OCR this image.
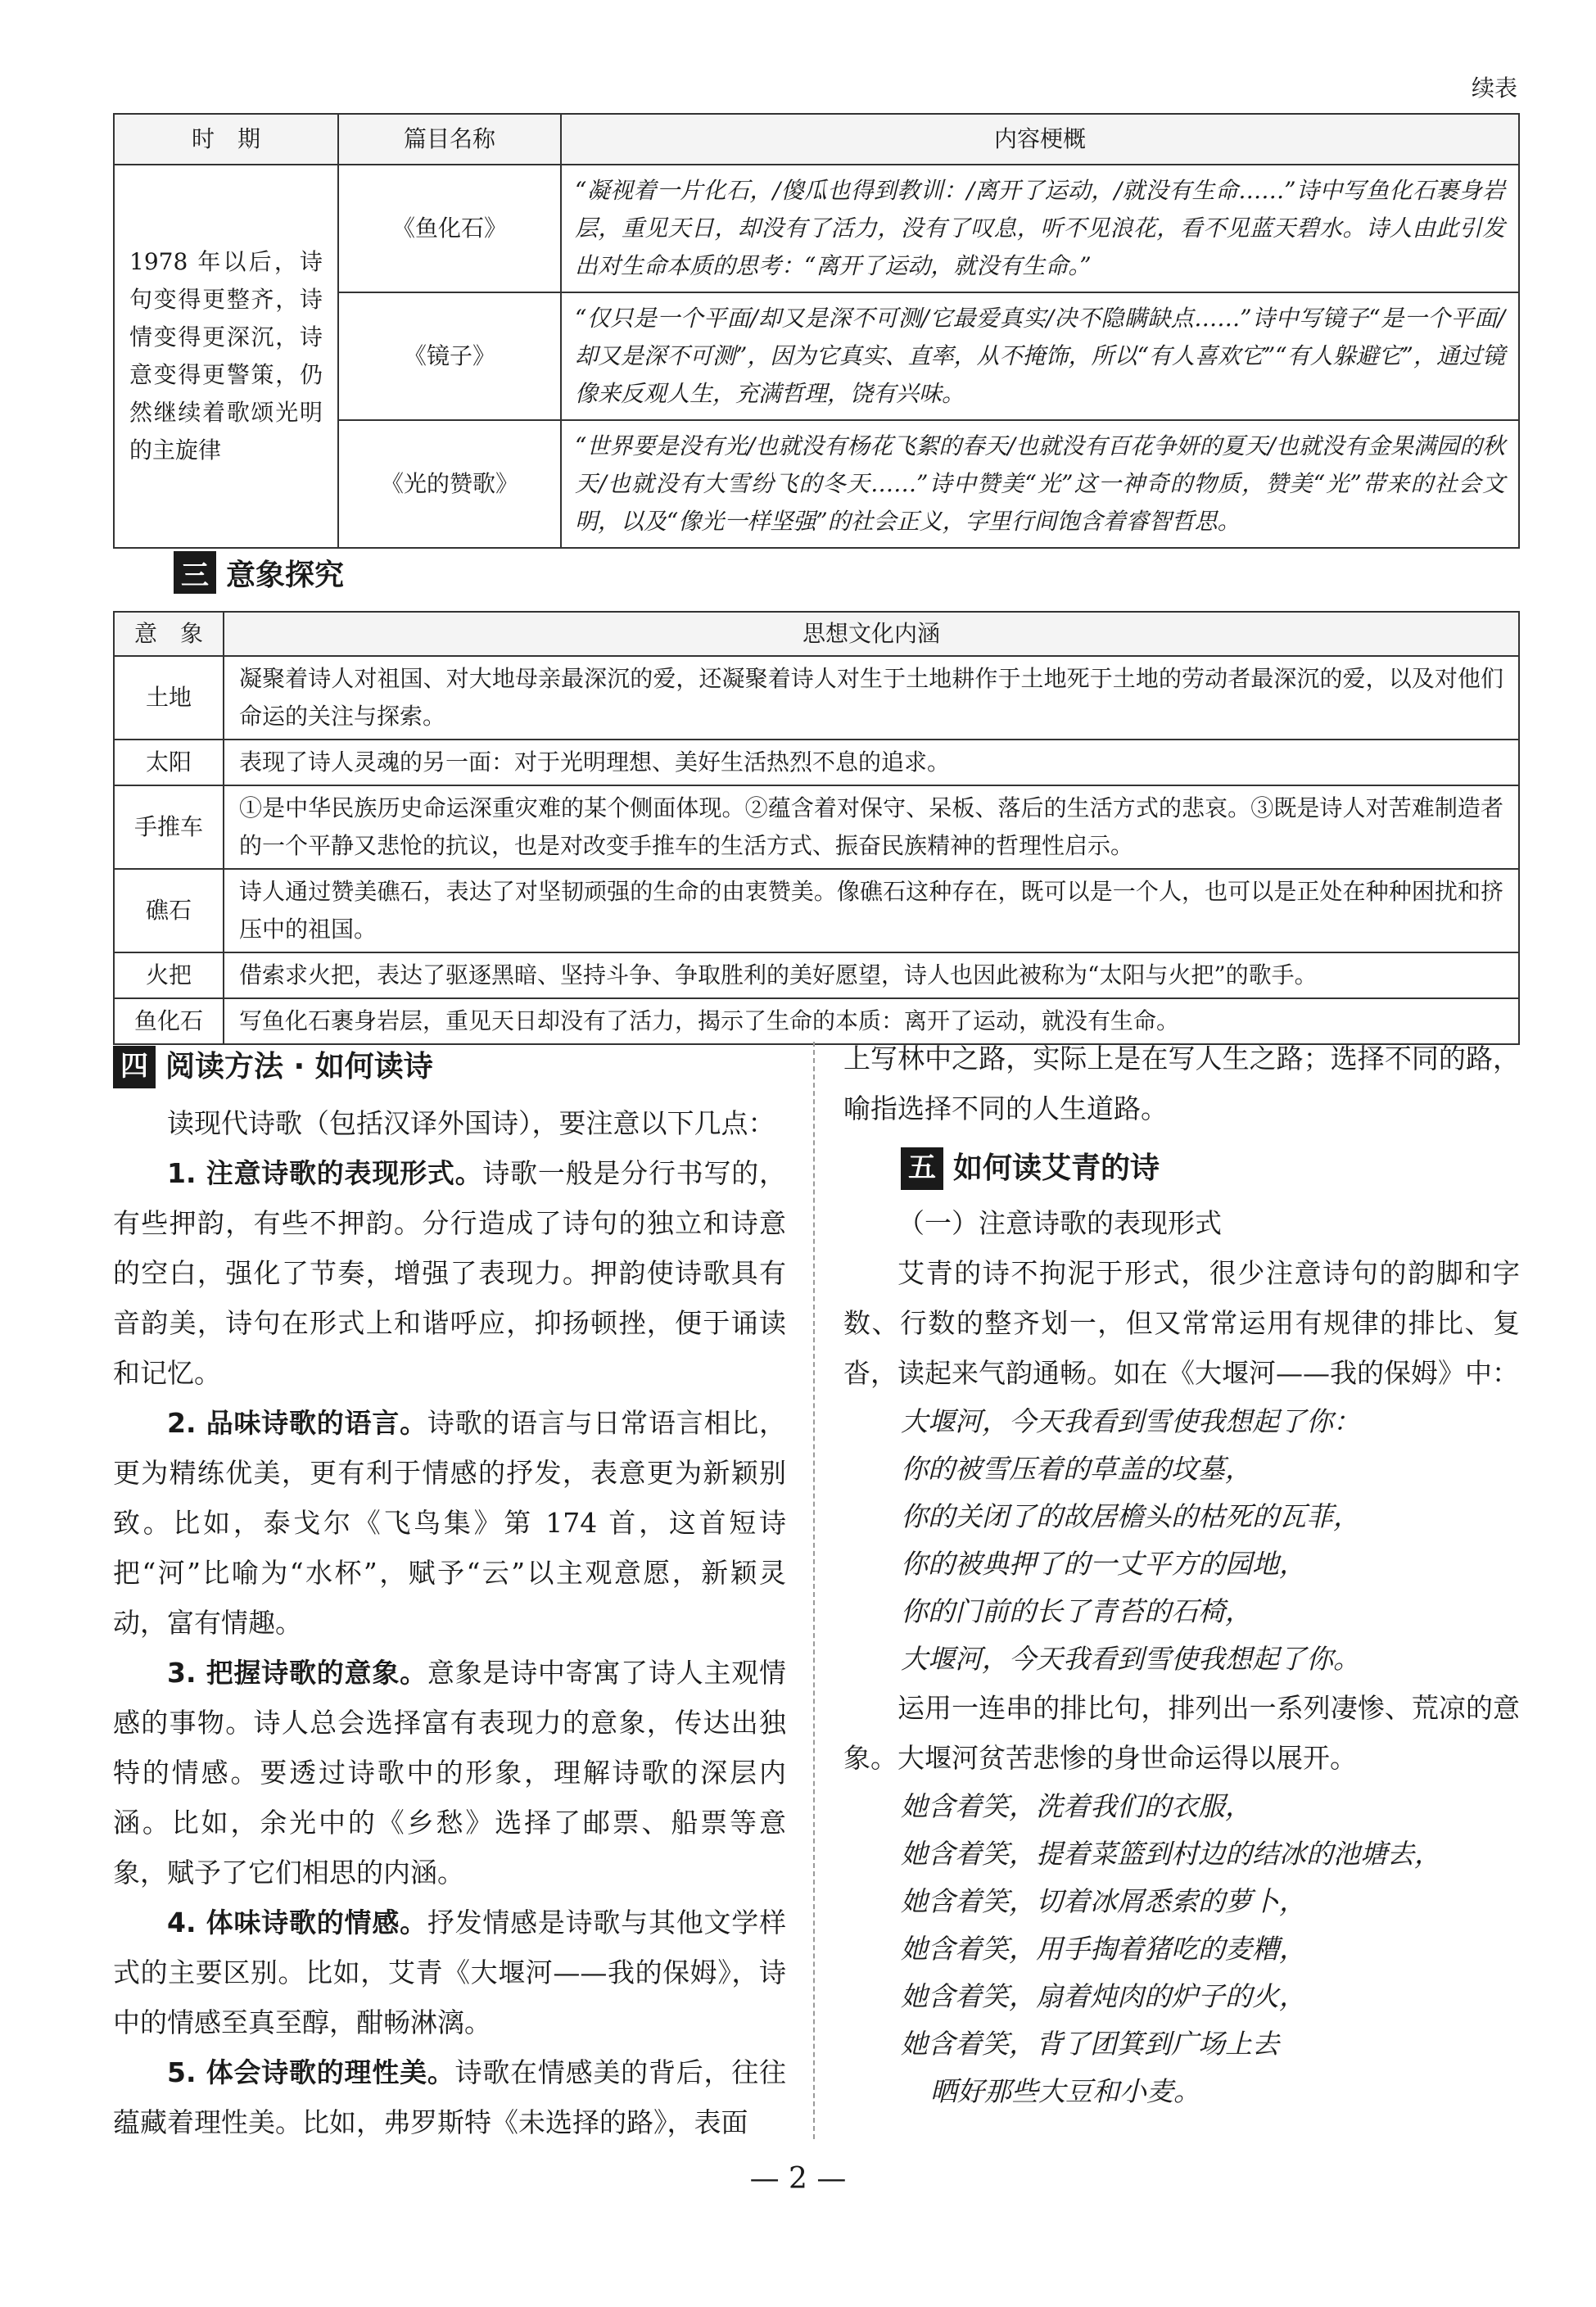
续表
时　期	篇目名称	内容梗概
1978 年以后，诗句变得更整齐，诗情变得更深沉，诗意变得更警策，仍然继续着歌颂光明的主旋律	《鱼化石》	“凝视着一片化石，/傻瓜也得到教训：/离开了运动，/就没有生命……”诗中写鱼化石裹身岩层，重见天日，却没有了活力，没有了叹息，听不见浪花，看不见蓝天碧水。诗人由此引发出对生命本质的思考：“离开了运动，就没有生命。”
	《镜子》	“仅只是一个平面/却又是深不可测/它最爱真实/决不隐瞒缺点……”诗中写镜子“是一个平面/却又是深不可测”，因为它真实、直率，从不掩饰，所以“有人喜欢它”“有人躲避它”，通过镜像来反观人生，充满哲理，饶有兴味。
	《光的赞歌》	“世界要是没有光/也就没有杨花飞絮的春天/也就没有百花争妍的夏天/也就没有金果满园的秋天/也就没有大雪纷飞的冬天……”诗中赞美“光”这一神奇的物质，赞美“光”带来的社会文明，以及“像光一样坚强”的社会正义，字里行间饱含着睿智哲思。
三 意象探究
意　象	思想文化内涵
土地	凝聚着诗人对祖国、对大地母亲最深沉的爱，还凝聚着诗人对生于土地耕作于土地死于土地的劳动者最深沉的爱，以及对他们命运的关注与探索。
太阳	表现了诗人灵魂的另一面：对于光明理想、美好生活热烈不息的追求。
手推车	①是中华民族历史命运深重灾难的某个侧面体现。②蕴含着对保守、呆板、落后的生活方式的悲哀。③既是诗人对苦难制造者的一个平静又悲怆的抗议，也是对改变手推车的生活方式、振奋民族精神的哲理性启示。
礁石	诗人通过赞美礁石，表达了对坚韧顽强的生命的由衷赞美。像礁石这种存在，既可以是一个人，也可以是正处在种种困扰和挤压中的祖国。
火把	借索求火把，表达了驱逐黑暗、坚持斗争、争取胜利的美好愿望，诗人也因此被称为“太阳与火把”的歌手。
鱼化石	写鱼化石裹身岩层，重见天日却没有了活力，揭示了生命的本质：离开了运动，就没有生命。
四 阅读方法 · 如何读诗

读现代诗歌（包括汉译外国诗），要注意以下几点：

1. 注意诗歌的表现形式。诗歌一般是分行书写的，有些押韵，有些不押韵。分行造成了诗句的独立和诗意的空白，强化了节奏，增强了表现力。押韵使诗歌具有音韵美，诗句在形式上和谐呼应，抑扬顿挫，便于诵读和记忆。

2. 品味诗歌的语言。诗歌的语言与日常语言相比，更为精练优美，更有利于情感的抒发，表意更为新颖别致。比如，泰戈尔《飞鸟集》第 174 首，这首短诗把“河”比喻为“水杯”，赋予“云”以主观意愿，新颖灵动，富有情趣。

3. 把握诗歌的意象。意象是诗中寄寓了诗人主观情感的事物。诗人总会选择富有表现力的意象，传达出独特的情感。要透过诗歌中的形象，理解诗歌的深层内涵。比如，余光中的《乡愁》选择了邮票、船票等意象，赋予了它们相思的内涵。

4. 体味诗歌的情感。抒发情感是诗歌与其他文学样式的主要区别。比如，艾青《大堰河——我的保姆》，诗中的情感至真至醇，酣畅淋漓。

5. 体会诗歌的理性美。诗歌在情感美的背后，往往蕴藏着理性美。比如，弗罗斯特《未选择的路》，表面

上写林中之路，实际上是在写人生之路；选择不同的路，喻指选择不同的人生道路。

五 如何读艾青的诗

（一）注意诗歌的表现形式

艾青的诗不拘泥于形式，很少注意诗句的韵脚和字数、行数的整齐划一，但又常常运用有规律的排比、复沓，读起来气韵通畅。如在《大堰河——我的保姆》中：

大堰河，今天我看到雪使我想起了你：
你的被雪压着的草盖的坟墓，
你的关闭了的故居檐头的枯死的瓦菲，
你的被典押了的一丈平方的园地，
你的门前的长了青苔的石椅，
大堰河，今天我看到雪使我想起了你。

运用一连串的排比句，排列出一系列凄惨、荒凉的意象。大堰河贫苦悲惨的身世命运得以展开。

她含着笑，洗着我们的衣服，
她含着笑，提着菜篮到村边的结冰的池塘去，
她含着笑，切着冰屑悉索的萝卜，
她含着笑，用手掏着猪吃的麦糟，
她含着笑，扇着炖肉的炉子的火，
她含着笑，背了团箕到广场上去
晒好那些大豆和小麦。
— 2 —
